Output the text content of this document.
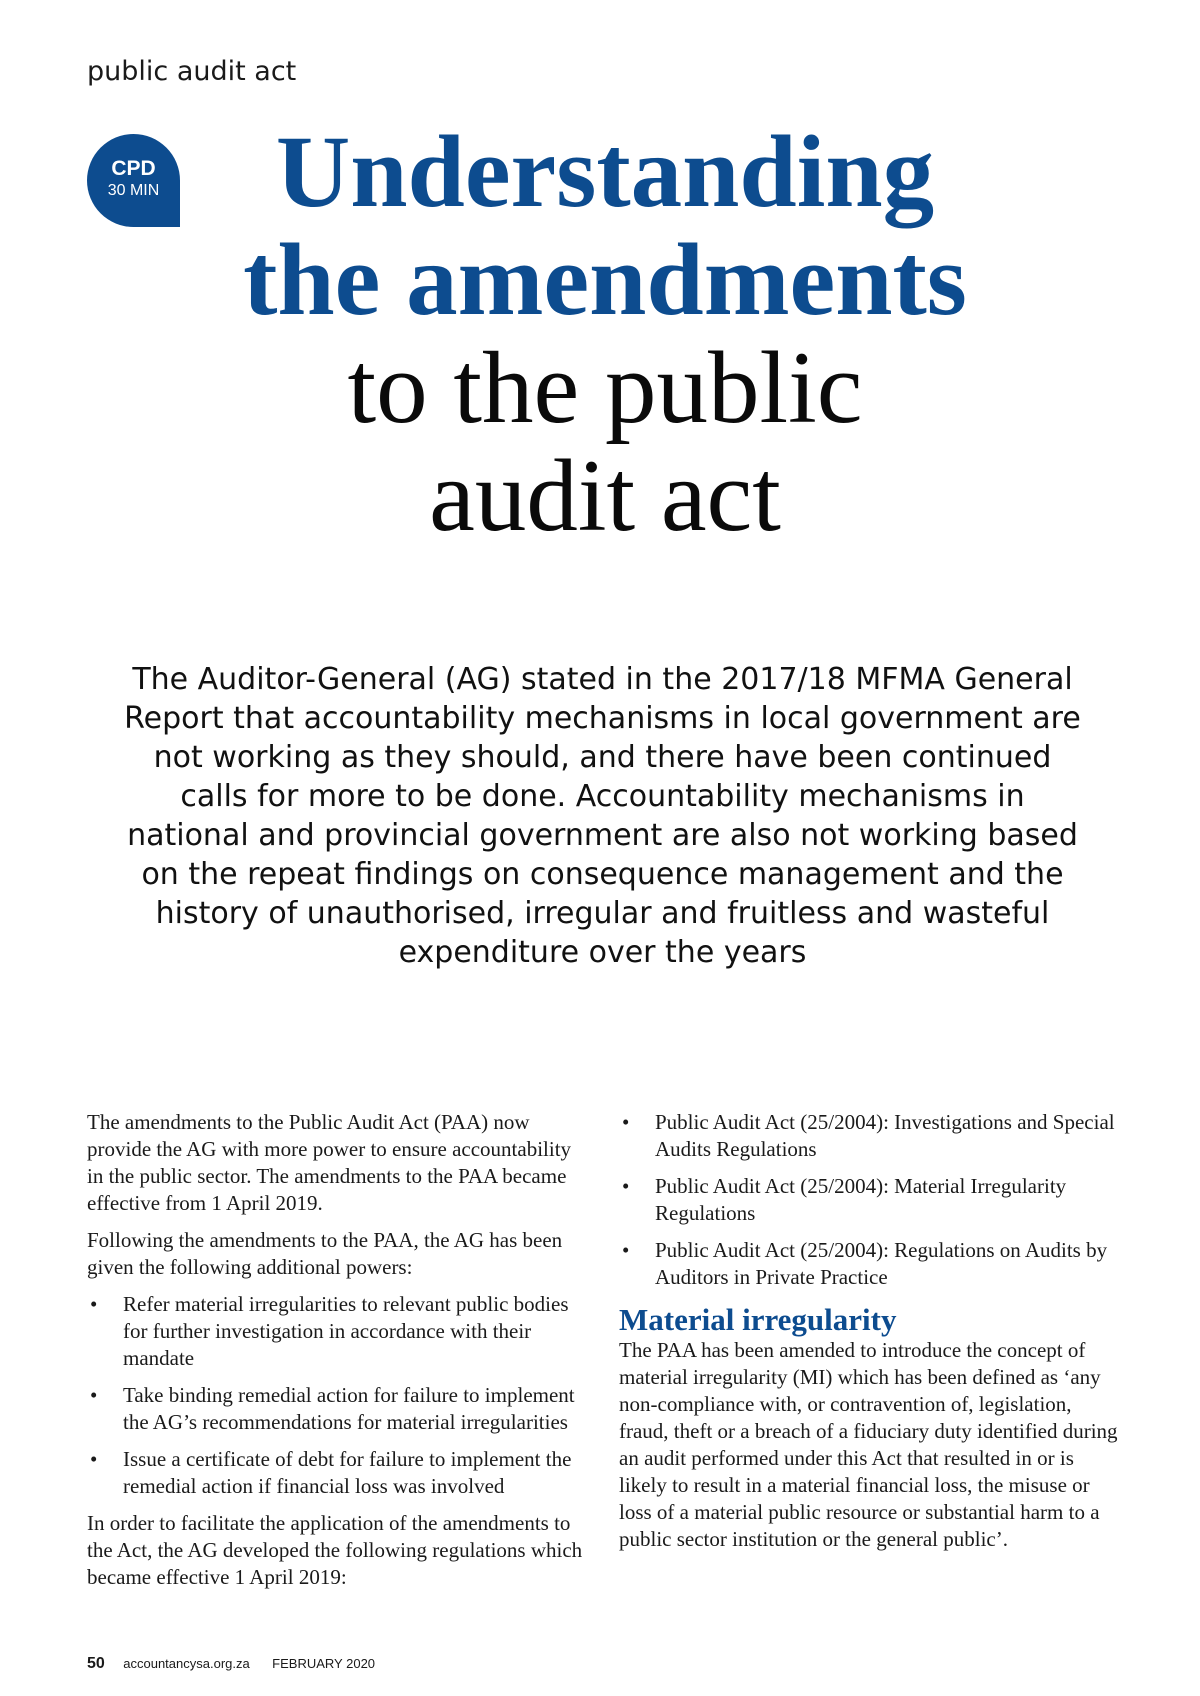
public audit act
CPD
30 MIN	Understanding
the amendments
to the public
audit act

The Auditor-General (AG) stated in the 2017/18 MFMA General Report that accountability mechanisms in local government are not working as they should, and there have been continued calls for more to be done. Accountability mechanisms in national and provincial government are also not working based on the repeat findings on consequence management and the history of unauthorised, irregular and fruitless and wasteful expenditure over the years

The amendments to the Public Audit Act (PAA) now provide the AG with more power to ensure accountability in the public sector. The amendments to the PAA became effective from 1 April 2019.

Following the amendments to the PAA, the AG has been given the following additional powers:

• Refer material irregularities to relevant public bodies for further investigation in accordance with their mandate
• Take binding remedial action for failure to implement the AG’s recommendations for material irregularities
• Issue a certificate of debt for failure to implement the remedial action if financial loss was involved

In order to facilitate the application of the amendments to the Act, the AG developed the following regulations which became effective 1 April 2019:

• Public Audit Act (25/2004): Investigations and Special Audits Regulations
• Public Audit Act (25/2004): Material Irregularity Regulations
• Public Audit Act (25/2004): Regulations on Audits by Auditors in Private Practice
Material irregularity

The PAA has been amended to introduce the concept of material irregularity (MI) which has been defined as ‘any non-compliance with, or contravention of, legislation, fraud, theft or a breach of a fiduciary duty identified during an audit performed under this Act that resulted in or is likely to result in a material financial loss, the misuse or loss of a material public resource or substantial harm to a public sector institution or the general public’.

50 accountancysa.org.za FEBRUARY 2020
